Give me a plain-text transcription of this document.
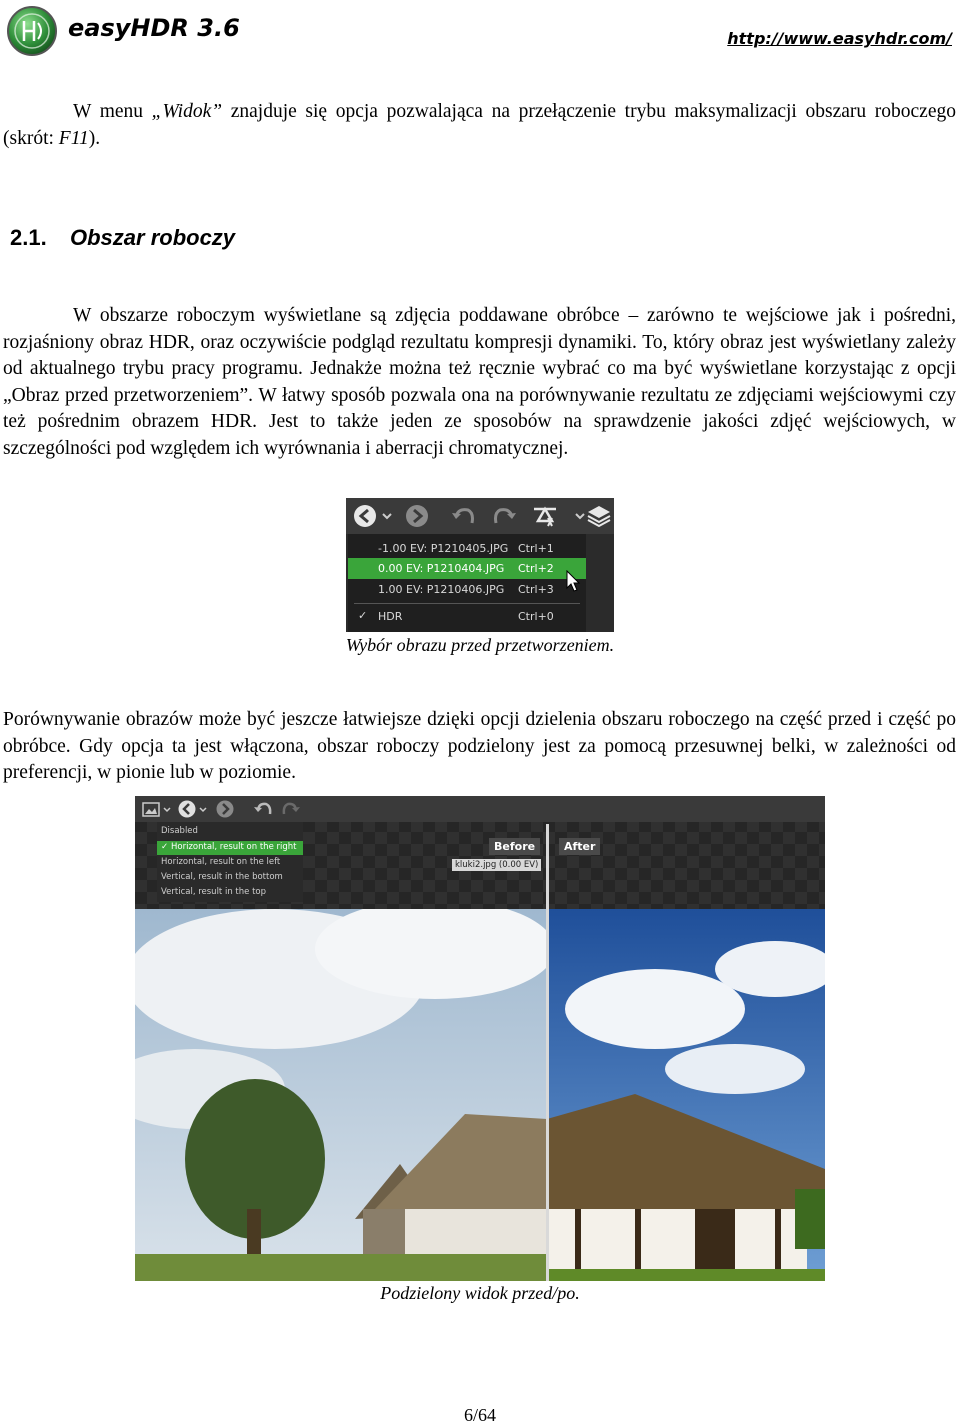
easyHDR 3.6	http://www.easyhdr.com/
W menu „Widok” znajduje się opcja pozwalająca na przełączenie trybu maksymalizacji obszaru roboczego (skrót: F11).
2.1. Obszar roboczy
W obszarze roboczym wyświetlane są zdjęcia poddawane obróbce – zarówno te wejściowe jak i pośredni, rozjaśniony obraz HDR, oraz oczywiście podgląd rezultatu kompresji dynamiki. To, który obraz jest wyświetlany zależy od aktualnego trybu pracy programu. Jednakże można też ręcznie wybrać co ma być wyświetlane korzystając z opcji „Obraz przed przetworzeniem”. W łatwy sposób pozwala ona na porównywanie rezultatu ze zdjęciami wejściowymi czy też pośrednim obrazem HDR. Jest to także jeden ze sposobów na sprawdzenie jakości zdjęć wejściowych, w szczególności pod względem ich wyrównania i aberracji chromatycznej.
-1.00 EV: P1210405.JPG Ctrl+1
0.00 EV: P1210404.JPG Ctrl+2
1.00 EV: P1210406.JPG Ctrl+3
✓ HDR	Ctrl+0
Wybór obrazu przed przetworzeniem.
Porównywanie obrazów może być jeszcze łatwiejsze dzięki opcji dzielenia obszaru roboczego na część przed i część po obróbce. Gdy opcja ta jest włączona, obszar roboczy podzielony jest za pomocą przesuwnej belki, w zależności od preferencji, w pionie lub w poziomie.
Disabled
✓ Horizontal, result on the right
Horizontal, result on the left
Vertical, result in the bottom
Vertical, result in the top
Before	After
kluki2.jpg (0.00 EV)
Podzielony widok przed/po.
6/64
